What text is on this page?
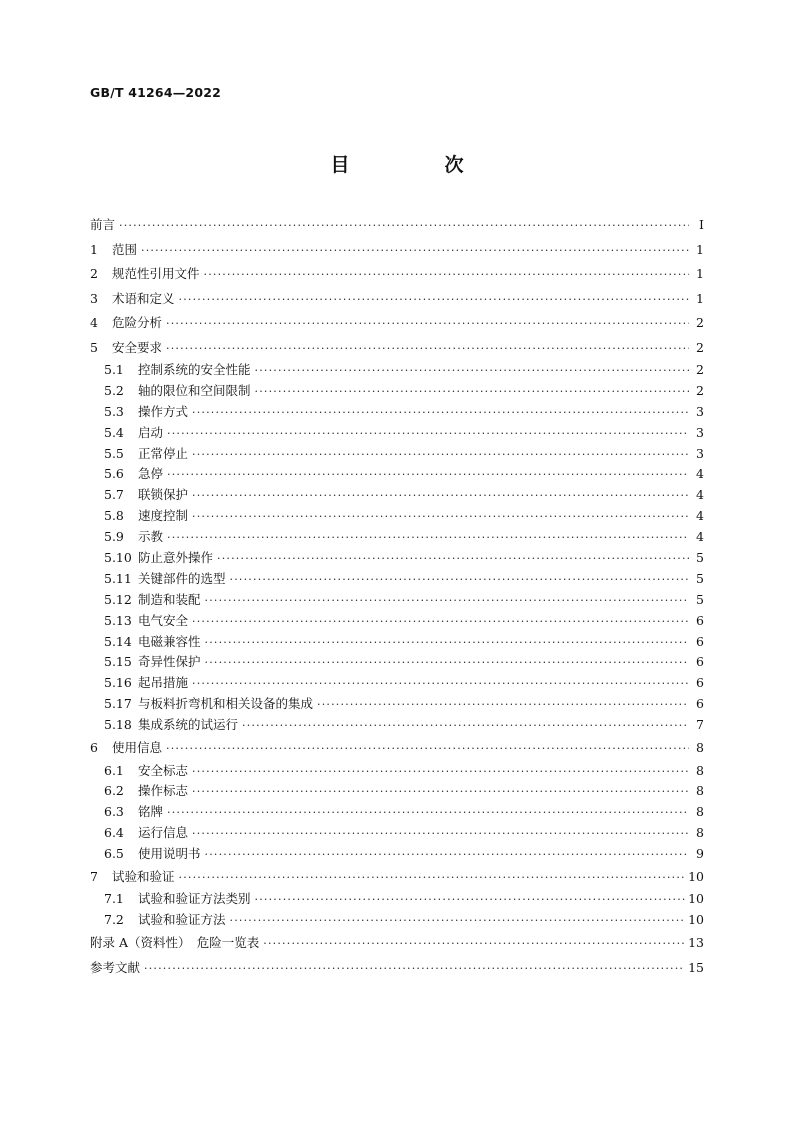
GB/T 41264—2022
目　次
前言 ·····	I
1	范围 ·····	1
2	规范性引用文件 ·····	1
3	术语和定义 ·····	1
4	危险分析 ·····	2
5	安全要求 ·····	2
5.1	控制系统的安全性能 ·····	2
5.2	轴的限位和空间限制 ·····	2
5.3	操作方式 ·····	3
5.4	启动 ·····	3
5.5	正常停止 ·····	3
5.6	急停 ·····	4
5.7	联锁保护 ·····	4
5.8	速度控制 ·····	4
5.9	示教 ·····	4
5.10 防止意外操作 ·····	5
5.11 关键部件的选型 ·····	5
5.12 制造和装配 ·····	5
5.13 电气安全 ·····	6
5.14 电磁兼容性 ·····	6
5.15 奇异性保护 ·····	6
5.16 起吊措施 ·····	6
5.17 与板料折弯机和相关设备的集成 ·····	6
5.18 集成系统的试运行 ·····	7
6	使用信息 ·····	8
6.1	安全标志 ·····	8
6.2	操作标志 ·····	8
6.3	铭牌 ·····	8
6.4	运行信息 ·····	8
6.5	使用说明书 ·····	9
7	试验和验证 ·····	10
7.1	试验和验证方法类别 ·····	10
7.2	试验和验证方法 ·····	10
附录 A（资料性）　危险一览表 ·····	13
参考文献 ·····	15
